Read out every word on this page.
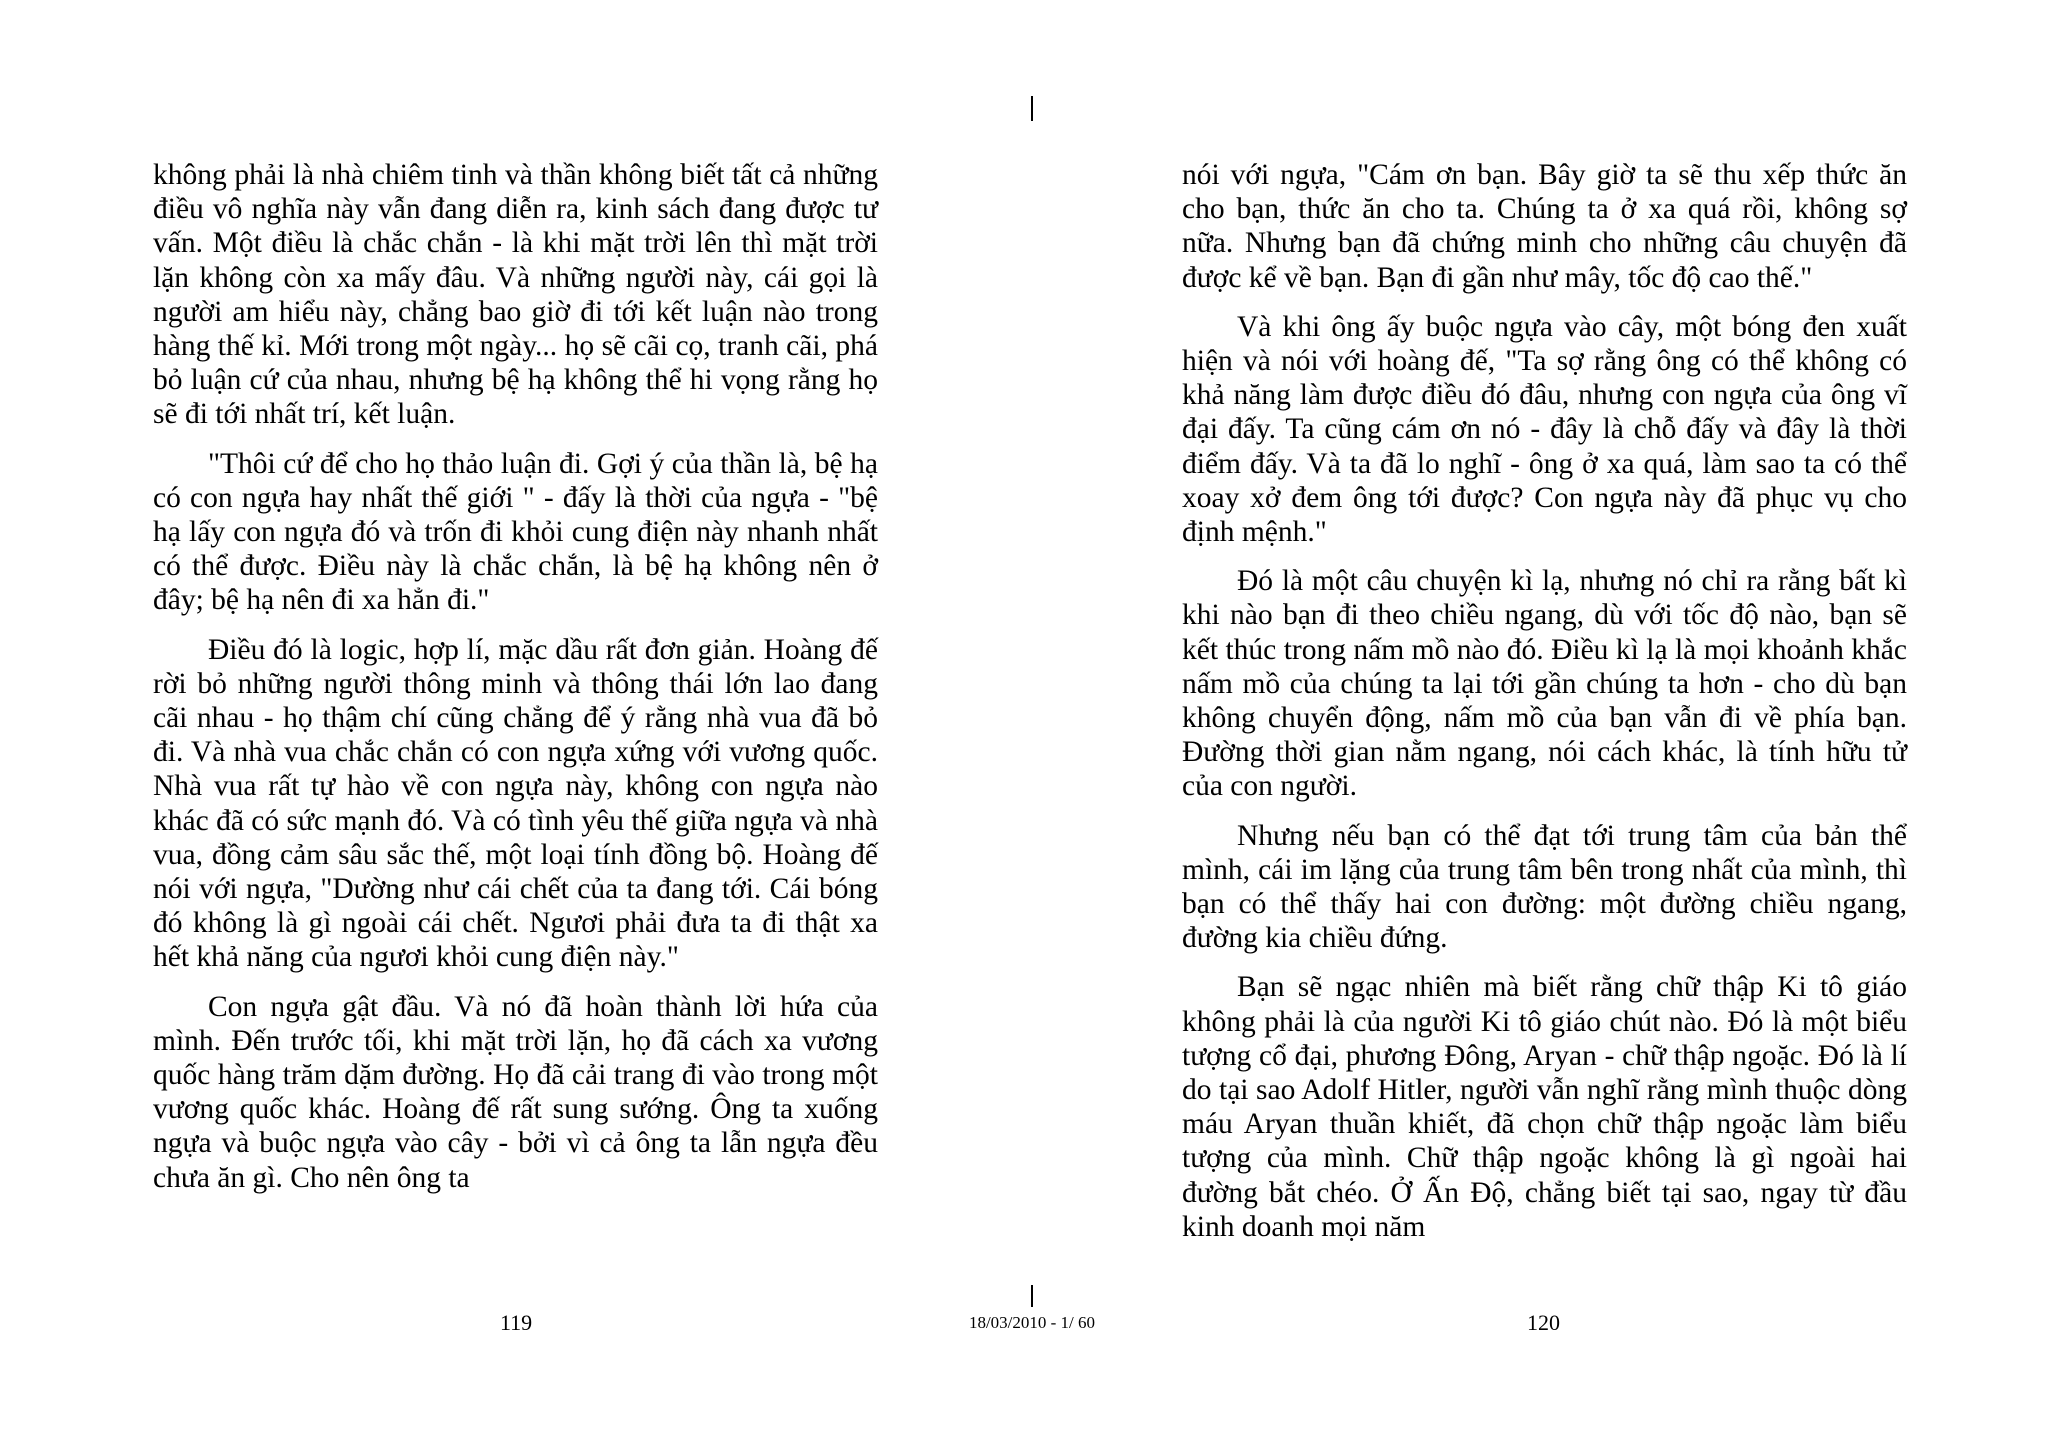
không phải là nhà chiêm tinh và thần không biết tất cả những điều vô nghĩa này vẫn đang diễn ra, kinh sách đang được tư vấn. Một điều là chắc chắn - là khi mặt trời lên thì mặt trời lặn không còn xa mấy đâu. Và những người này, cái gọi là người am hiểu này, chẳng bao giờ đi tới kết luận nào trong hàng thế kỉ. Mới trong một ngày... họ sẽ cãi cọ, tranh cãi, phá bỏ luận cứ của nhau, nhưng bệ hạ không thể hi vọng rằng họ sẽ đi tới nhất trí, kết luận.

"Thôi cứ để cho họ thảo luận đi. Gợi ý của thần là, bệ hạ có con ngựa hay nhất thế giới " - đấy là thời của ngựa - "bệ hạ lấy con ngựa đó và trốn đi khỏi cung điện này nhanh nhất có thể được. Điều này là chắc chắn, là bệ hạ không nên ở đây; bệ hạ nên đi xa hẳn đi."

Điều đó là logic, hợp lí, mặc dầu rất đơn giản. Hoàng đế rời bỏ những người thông minh và thông thái lớn lao đang cãi nhau - họ thậm chí cũng chẳng để ý rằng nhà vua đã bỏ đi. Và nhà vua chắc chắn có con ngựa xứng với vương quốc. Nhà vua rất tự hào về con ngựa này, không con ngựa nào khác đã có sức mạnh đó. Và có tình yêu thế giữa ngựa và nhà vua, đồng cảm sâu sắc thế, một loại tính đồng bộ. Hoàng đế nói với ngựa, "Dường như cái chết của ta đang tới. Cái bóng đó không là gì ngoài cái chết. Ngươi phải đưa ta đi thật xa hết khả năng của ngươi khỏi cung điện này."

Con ngựa gật đầu. Và nó đã hoàn thành lời hứa của mình. Đến trước tối, khi mặt trời lặn, họ đã cách xa vương quốc hàng trăm dặm đường. Họ đã cải trang đi vào trong một vương quốc khác. Hoàng đế rất sung sướng. Ông ta xuống ngựa và buộc ngựa vào cây - bởi vì cả ông ta lẫn ngựa đều chưa ăn gì. Cho nên ông ta

nói với ngựa, "Cám ơn bạn. Bây giờ ta sẽ thu xếp thức ăn cho bạn, thức ăn cho ta. Chúng ta ở xa quá rồi, không sợ nữa. Nhưng bạn đã chứng minh cho những câu chuyện đã được kể về bạn. Bạn đi gần như mây, tốc độ cao thế."

Và khi ông ấy buộc ngựa vào cây, một bóng đen xuất hiện và nói với hoàng đế, "Ta sợ rằng ông có thể không có khả năng làm được điều đó đâu, nhưng con ngựa của ông vĩ đại đấy. Ta cũng cám ơn nó - đây là chỗ đấy và đây là thời điểm đấy. Và ta đã lo nghĩ - ông ở xa quá, làm sao ta có thể xoay xở đem ông tới được? Con ngựa này đã phục vụ cho định mệnh."

Đó là một câu chuyện kì lạ, nhưng nó chỉ ra rằng bất kì khi nào bạn đi theo chiều ngang, dù với tốc độ nào, bạn sẽ kết thúc trong nấm mồ nào đó. Điều kì lạ là mọi khoảnh khắc nấm mồ của chúng ta lại tới gần chúng ta hơn - cho dù bạn không chuyển động, nấm mồ của bạn vẫn đi về phía bạn. Đường thời gian nằm ngang, nói cách khác, là tính hữu tử của con người.

Nhưng nếu bạn có thể đạt tới trung tâm của bản thể mình, cái im lặng của trung tâm bên trong nhất của mình, thì bạn có thể thấy hai con đường: một đường chiều ngang, đường kia chiều đứng.

Bạn sẽ ngạc nhiên mà biết rằng chữ thập Ki tô giáo không phải là của người Ki tô giáo chút nào. Đó là một biểu tượng cổ đại, phương Đông, Aryan - chữ thập ngoặc. Đó là lí do tại sao Adolf Hitler, người vẫn nghĩ rằng mình thuộc dòng máu Aryan thuần khiết, đã chọn chữ thập ngoặc làm biểu tượng của mình. Chữ thập ngoặc không là gì ngoài hai đường bắt chéo. Ở Ấn Độ, chẳng biết tại sao, ngay từ đầu kinh doanh mọi năm

119	18/03/2010 - 1/ 60	120
